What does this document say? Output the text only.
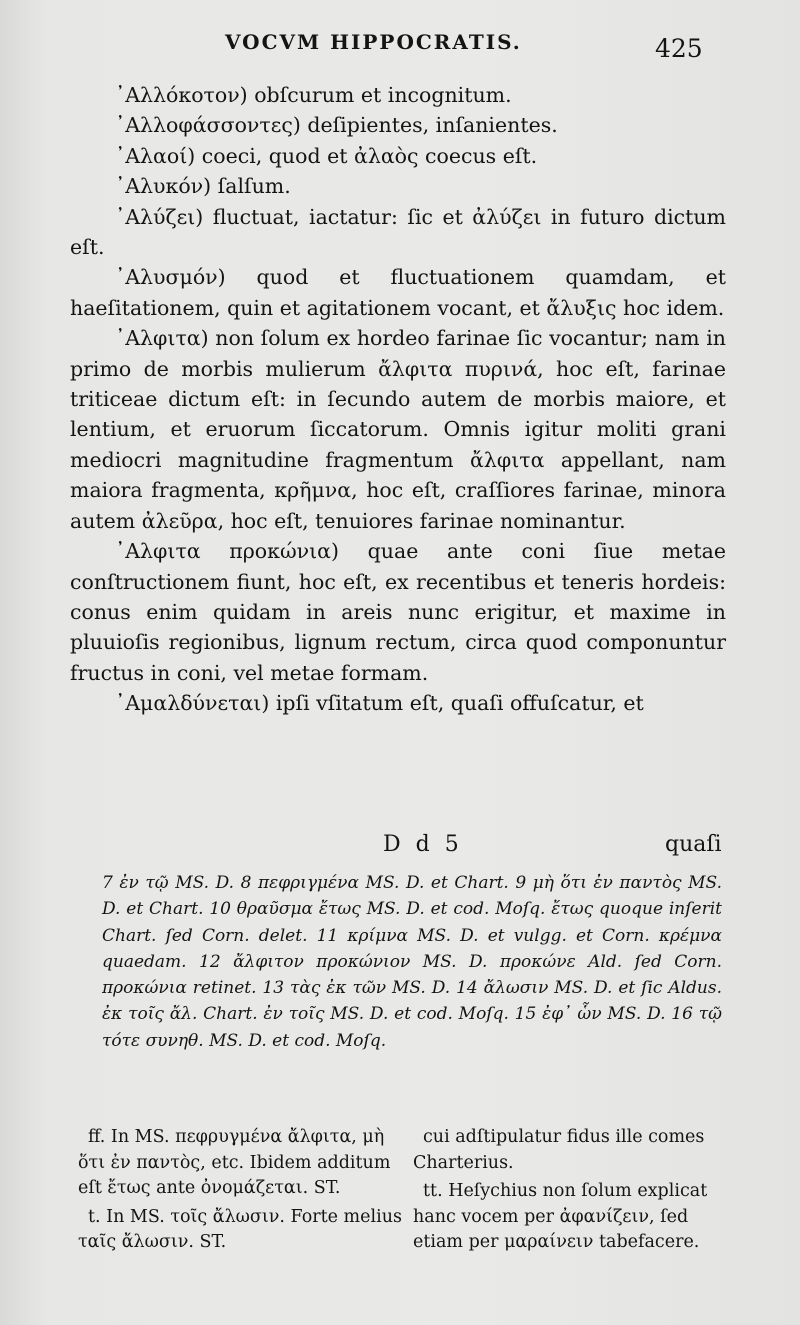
VOCVM HIPPOCRATIS.	425

᾿Αλλόκοτον) obſcurum et incognitum.

᾿Αλλοφάσσοντες) deſipientes, inſanientes.

᾿Αλαοί) coeci, quod et ἀλαὸς coecus eſt.

᾿Αλυκόν) ſalſum.

᾿Αλύζει) fluctuat, iactatur: ſic et ἀλύζει in futuro dictum eſt.

᾿Αλυσμόν) quod et fluctuationem quamdam, et haeſitationem, quin et agitationem vocant, et ἄλυξις hoc idem.

᾿Αλφιτα) non ſolum ex hordeo farinae ſic vocantur; nam in primo de morbis mulierum ἄλφιτα πυρινά, hoc eſt, farinae triticeae dictum eſt: in ſecundo autem de morbis maiore, et lentium, et eruorum ſiccatorum. Omnis igitur moliti grani mediocri magnitudine fragmentum ἄλφιτα appellant, nam maiora fragmenta, κρῆμνα, hoc eſt, craſſiores farinae, minora autem ἀλεῦρα, hoc eſt, tenuiores farinae nominantur.

᾿Αλφιτα προκώνια) quae ante coni ſiue metae conſtructionem fiunt, hoc eſt, ex recentibus et teneris hordeis: conus enim quidam in areis nunc erigitur, et maxime in pluuioſis regionibus, lignum rectum, circa quod componuntur fructus in coni, vel metae formam.

᾿Αμαλδύνεται) ipſi vſitatum eſt, quaſi offuſcatur, et

D d 5	quaſi
7 ἐν τῷ MS. D. 8 πεφριγμένα MS. D. et Chart. 9 μὴ ὅτι ἐν παντὸς MS. D. et Chart. 10 θραῦσμα ἔτως MS. D. et cod. Moſq. ἔτως quoque inſerit Chart. ſed Corn. delet. 11 κρίμνα MS. D. et vulgg. et Corn. κρέμνα quaedam. 12 ἄλφιτον προκώνιον MS. D. προκώνε Ald. ſed Corn. προκώνια retinet. 13 τὰς ἐκ τῶν MS. D. 14 ἄλωσιν MS. D. et ſic Aldus. ἐκ τοῖς ἄλ. Chart. ἐν τοῖς MS. D. et cod. Moſq. 15 ἐφ᾽ ὧν MS. D. 16 τῷ τότε συνηθ. MS. D. et cod. Moſq.

ff. In MS. πεφρυγμένα ἄλφιτα, μὴ ὅτι ἐν παντὸς, etc. Ibidem additum eſt ἔτως ante ὀνομάζεται. ST.

t. In MS. τοῖς ἄλωσιν. Forte melius ταῖς ἄλωσιν. ST.

cui adſtipulatur fidus ille comes Charterius.

tt. Heſychius non ſolum explicat hanc vocem per ἀφανίζειν, ſed etiam per μαραίνειν tabefacere.
